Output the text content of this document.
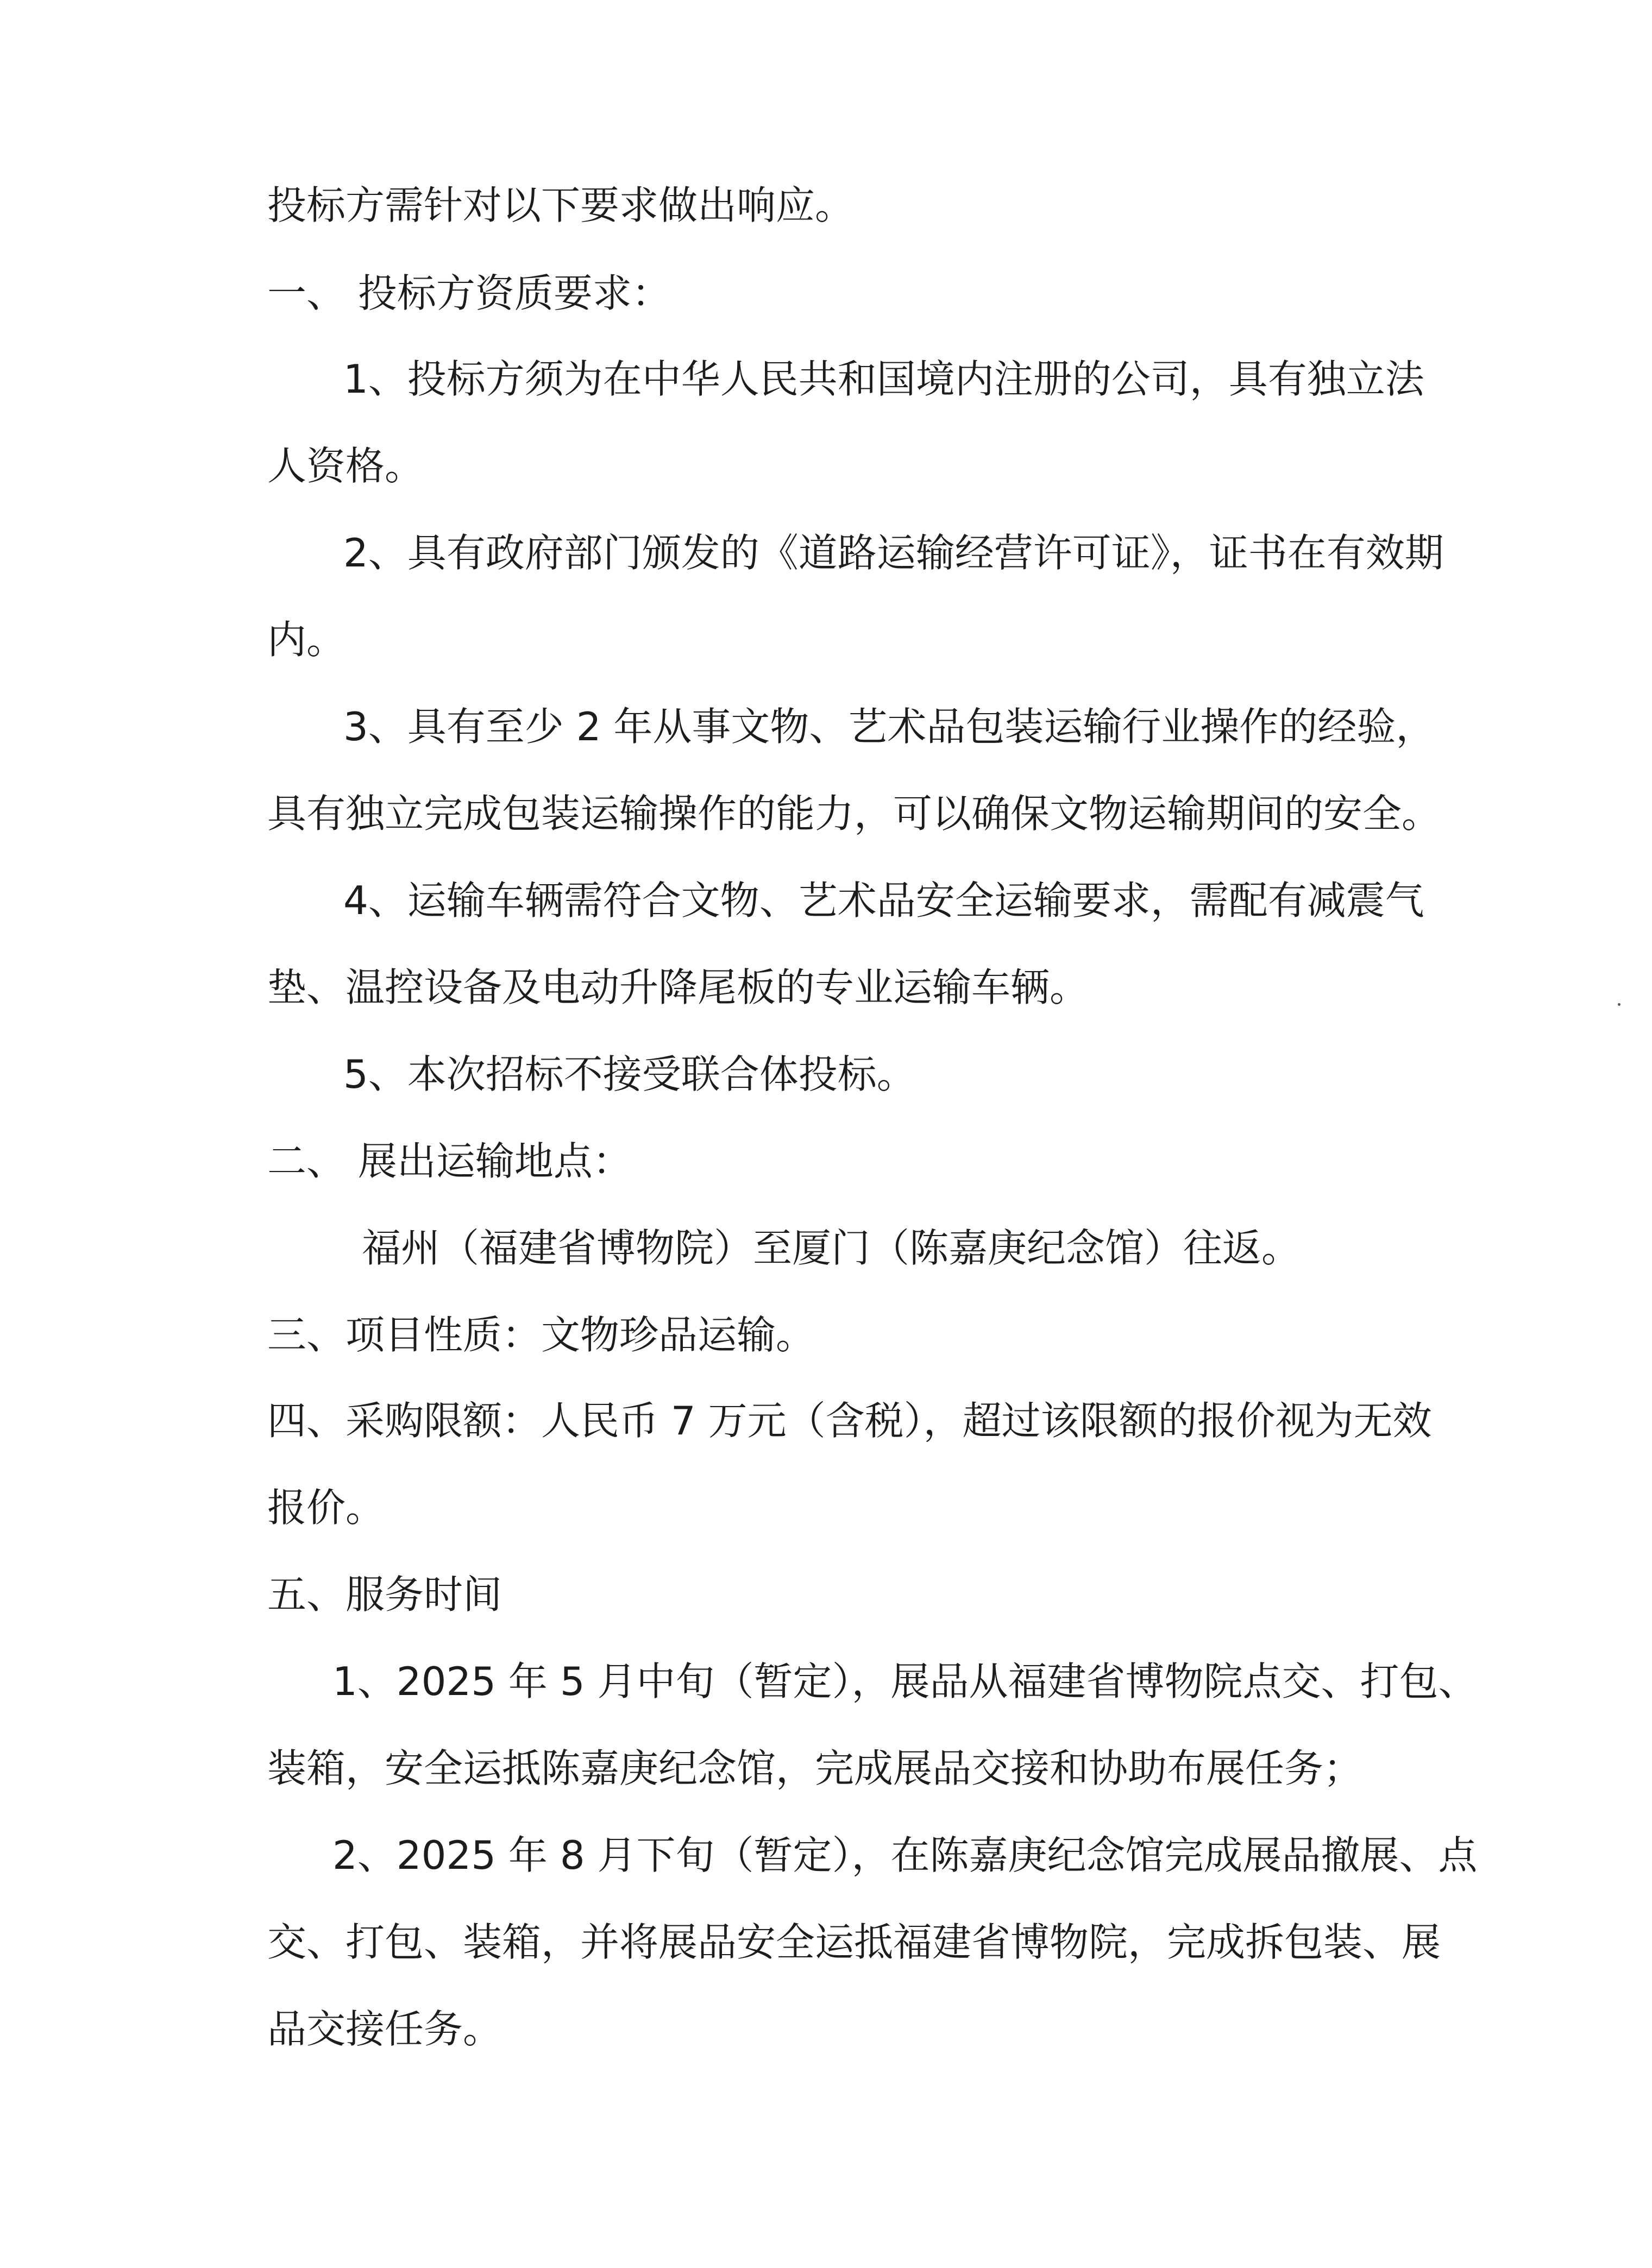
投标方需针对以下要求做出响应。
一、 投标方资质要求：
1、投标方须为在中华人民共和国境内注册的公司，具有独立法
人资格。
2、具有政府部门颁发的《道路运输经营许可证》，证书在有效期
内。
3、具有至少 2 年从事文物、艺术品包装运输行业操作的经验，
具有独立完成包装运输操作的能力，可以确保文物运输期间的安全。
4、运输车辆需符合文物、艺术品安全运输要求，需配有减震气
垫、温控设备及电动升降尾板的专业运输车辆。
5、本次招标不接受联合体投标。
二、 展出运输地点：
福州（福建省博物院）至厦门（陈嘉庚纪念馆）往返。
三、项目性质：文物珍品运输。
四、采购限额：人民币 7 万元（含税），超过该限额的报价视为无效
报价。
五、服务时间
1、2025 年 5 月中旬（暂定），展品从福建省博物院点交、打包、
装箱，安全运抵陈嘉庚纪念馆，完成展品交接和协助布展任务；
2、2025 年 8 月下旬（暂定），在陈嘉庚纪念馆完成展品撤展、点
交、打包、装箱，并将展品安全运抵福建省博物院，完成拆包装、展
品交接任务。
